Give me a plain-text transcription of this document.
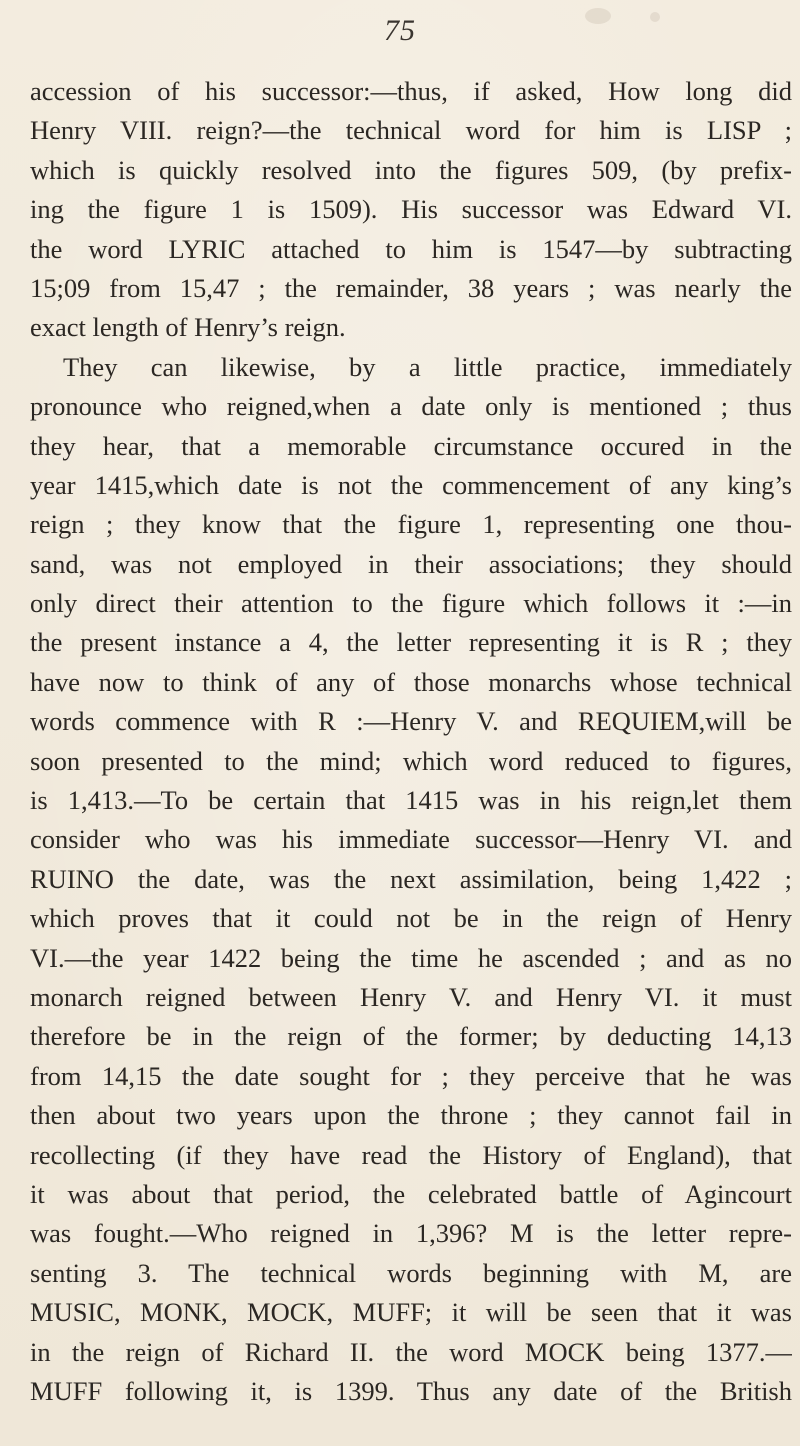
75
accession of his successor:—thus, if asked, How long did
Henry VIII. reign?—the technical word for him is LISP ;
which is quickly resolved into the figures 509, (by prefix-
ing the figure 1 is 1509). His successor was Edward VI.
the word LYRIC attached to him is 1547—by subtracting
15;09 from 15,47 ; the remainder, 38 years ; was nearly the
exact length of Henry’s reign.
They can likewise, by a little practice, immediately
pronounce who reigned,when a date only is mentioned ; thus
they hear, that a memorable circumstance occured in the
year 1415,which date is not the commencement of any king’s
reign ; they know that the figure 1, representing one thou-
sand, was not employed in their associations; they should
only direct their attention to the figure which follows it :—in
the present instance a 4, the letter representing it is R ; they
have now to think of any of those monarchs whose technical
words commence with R :—Henry V. and REQUIEM,will be
soon presented to the mind; which word reduced to figures,
is 1,413.—To be certain that 1415 was in his reign,let them
consider who was his immediate successor—Henry VI. and
RUINO the date, was the next assimilation, being 1,422 ;
which proves that it could not be in the reign of Henry
VI.—the year 1422 being the time he ascended ; and as no
monarch reigned between Henry V. and Henry VI. it must
therefore be in the reign of the former; by deducting 14,13
from 14,15 the date sought for ; they perceive that he was
then about two years upon the throne ; they cannot fail in
recollecting (if they have read the History of England), that
it was about that period, the celebrated battle of Agincourt
was fought.—Who reigned in 1,396? M is the letter repre-
senting 3. The technical words beginning with M, are
MUSIC, MONK, MOCK, MUFF; it will be seen that it was
in the reign of Richard II. the word MOCK being 1377.—
MUFF following it, is 1399. Thus any date of the British
